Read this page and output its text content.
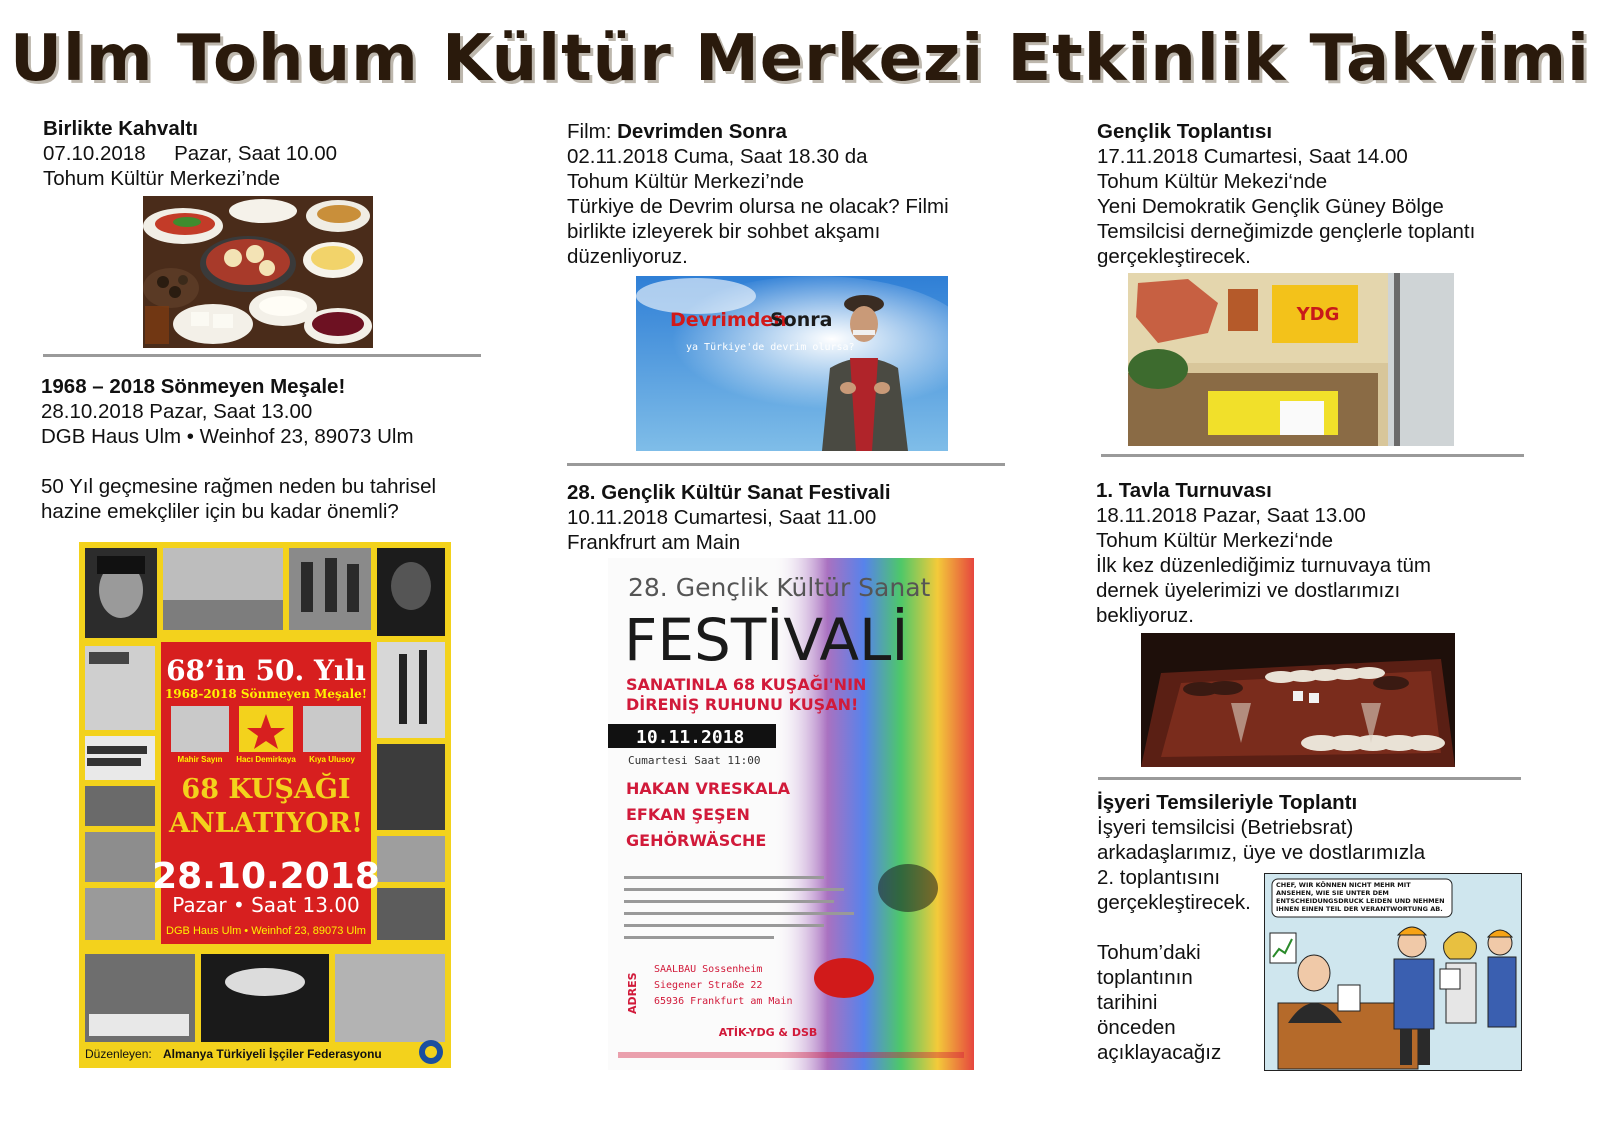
Ulm Tohum Kültür Merkezi Etkinlik Takvimi
Birlikte Kahvaltı
07.10.2018     Pazar, Saat 10.00
Tohum Kültür Merkezi’nde
1968 – 2018 Sönmeyen Meşale!
28.10.2018 Pazar, Saat 13.00
DGB Haus Ulm • Weinhof 23, 89073 Ulm
50 Yıl geçmesine rağmen neden bu tahrisel
hazine emekçliler için bu kadar önemli?
68’in 50. Yılı
1968-2018 Sönmeyen Meşale!
Mahir Sayın Hacı Demirkaya Kıya Ulusoy
68 KUŞAĞI
ANLATIYOR!
28.10.2018
Pazar • Saat 13.00
DGB Haus Ulm • Weinhof 23, 89073 Ulm
Düzenleyen: Almanya Türkiyeli İşçiler Federasyonu
Film: Devrimden Sonra
02.11.2018 Cuma, Saat 18.30 da
Tohum Kültür Merkezi’nde
Türkiye de Devrim olursa ne olacak? Filmi
birlikte izleyerek bir sohbet akşamı
düzenliyoruz.
Devrimden
Sonra
ya Türkiye'de devrim olursa?
28. Gençlik Kültür Sanat Festivali
10.11.2018 Cumartesi, Saat 11.00
Frankfrurt am Main
28. Gençlik Kültür Sanat
FESTİVALİ
SANATINLA 68 KUŞAĞI'NIN
DİRENİŞ RUHUNU KUŞAN!
10.11.2018
Cumartesi Saat 11:00
HAKAN VRESKALA
EFKAN ŞEŞEN
GEHÖRWÄSCHE
ADRES
SAALBAU Sossenheim
Siegener Straße 22
65936 Frankfurt am Main
ATİK-YDG & DSB
Gençlik Toplantısı
17.11.2018 Cumartesi, Saat 14.00
Tohum Kültür Mekezi‘nde
Yeni Demokratik Gençlik Güney Bölge
Temsilcisi derneğimizde gençlerle toplantı
gerçekleştirecek.
YDG
1. Tavla Turnuvası
18.11.2018 Pazar, Saat 13.00
Tohum Kültür Merkezi‘nde
İlk kez düzenlediğimiz turnuvaya tüm
dernek üyelerimizi ve dostlarımızı
bekliyoruz.
İşyeri Temsileriyle Toplantı
İşyeri temsilcisi (Betriebsrat)
arkadaşlarımız, üye ve dostlarımızla
2. toplantısını
gerçekleştirecek.
Tohum’daki
toplantının
tarihini
önceden
açıklayacağız
CHEF, WIR KÖNNEN NICHT MEHR MIT ANSEHEN, WIE SIE UNTER DEM ENTSCHEIDUNGSDRUCK LEIDEN UND NEHMEN IHNEN EINEN TEIL DER VERANTWORTUNG AB.
